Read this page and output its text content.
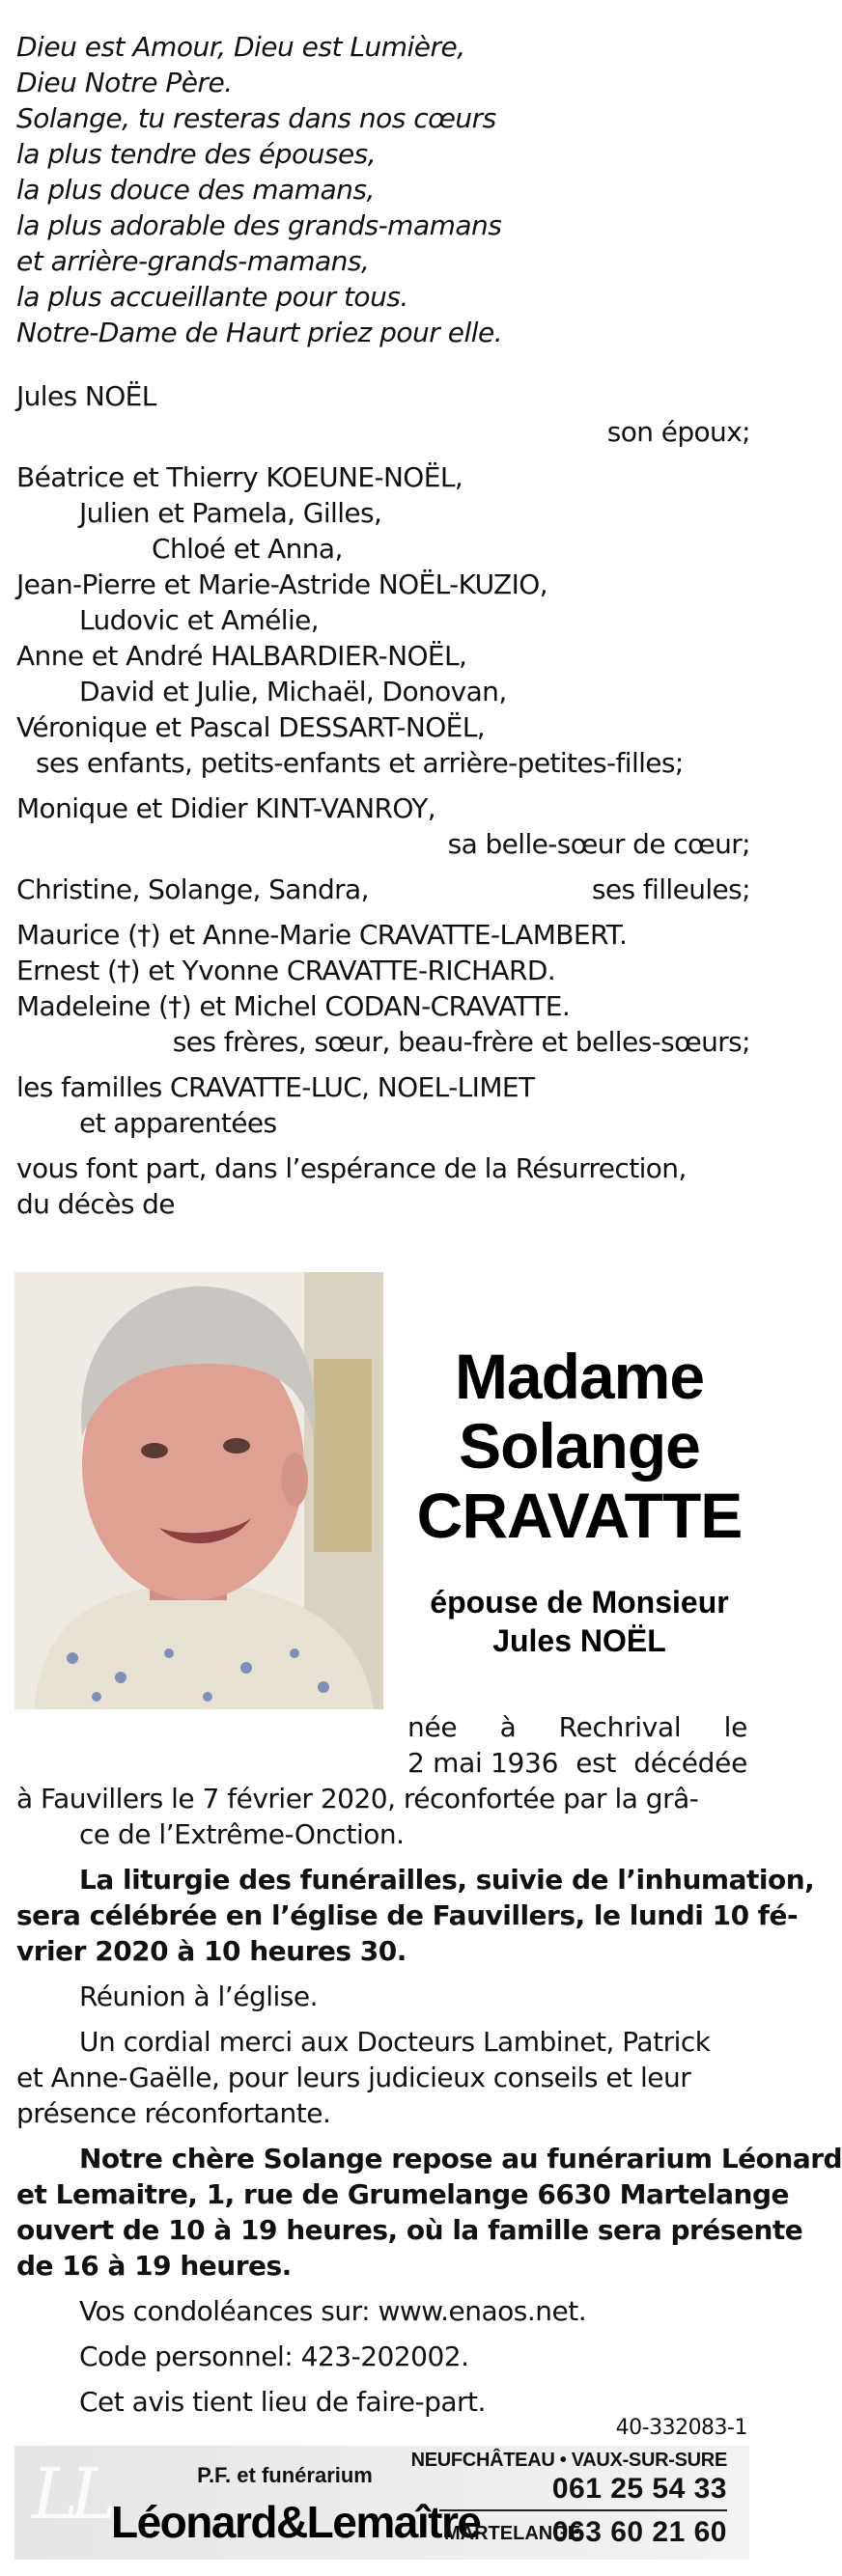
Dieu est Amour, Dieu est Lumière,
Dieu Notre Père.
Solange, tu resteras dans nos cœurs
la plus tendre des épouses,
la plus douce des mamans,
la plus adorable des grands-mamans
et arrière-grands-mamans,
la plus accueillante pour tous.
Notre-Dame de Haurt priez pour elle.
Jules NOËL
son époux;
Béatrice et Thierry KOEUNE-NOËL,
Julien et Pamela, Gilles,
Chloé et Anna,
Jean-Pierre et Marie-Astride NOËL-KUZIO,
Ludovic et Amélie,
Anne et André HALBARDIER-NOËL,
David et Julie, Michaël, Donovan,
Véronique et Pascal DESSART-NOËL,
ses enfants, petits-enfants et arrière-petites-filles;
Monique et Didier KINT-VANROY,
sa belle-sœur de cœur;
Christine, Solange, Sandra,	ses filleules;
Maurice (†) et Anne-Marie CRAVATTE-LAMBERT.
Ernest (†) et Yvonne CRAVATTE-RICHARD.
Madeleine (†) et Michel CODAN-CRAVATTE.
ses frères, sœur, beau-frère et belles-sœurs;
les familles CRAVATTE-LUC, NOEL-LIMET
et apparentées
vous font part, dans l’espérance de la Résurrection,
du décès de
Madame
Solange
CRAVATTE
épouse de Monsieur
Jules NOËL
née à Rechrival le
2 mai 1936 est décédée

à Fauvillers le 7 février 2020, réconfortée par la grâ-
ce de l’Extrême-Onction.

La liturgie des funérailles, suivie de l’inhumation,
sera célébrée en l’église de Fauvillers, le lundi 10 fé-
vrier 2020 à 10 heures 30.

Réunion à l’église.

Un cordial merci aux Docteurs Lambinet, Patrick
et Anne-Gaëlle, pour leurs judicieux conseils et leur
présence réconfortante.

Notre chère Solange repose au funérarium Léonard
et Lemaitre, 1, rue de Grumelange 6630 Martelange
ouvert de 10 à 19 heures, où la famille sera présente
de 16 à 19 heures.

Vos condoléances sur: www.enaos.net.

Code personnel: 423-202002.

Cet avis tient lieu de faire-part.

40-332083-1
LL	P.F. et funérarium
Léonard&Lemaître
NEUFCHÂTEAU • VAUX-SUR-SURE
061 25 54 33
MARTELANGE
063 60 21 60
